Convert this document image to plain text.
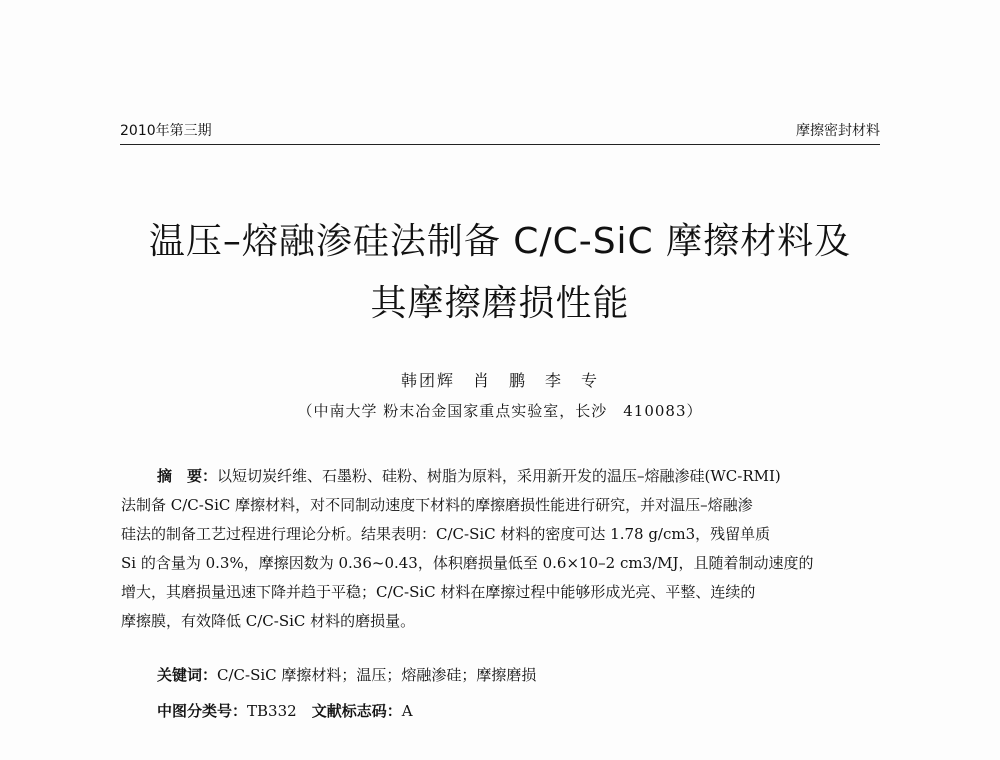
2010年第三期	摩擦密封材料
温压–熔融渗硅法制备 C/C-SiC 摩擦材料及
其摩擦磨损性能
韩团辉　肖　鹏　李　专
（中南大学 粉末冶金国家重点实验室，长沙　410083）
摘　要：以短切炭纤维、石墨粉、硅粉、树脂为原料，采用新开发的温压–熔融渗硅(WC-RMI)
法制备 C/C-SiC 摩擦材料，对不同制动速度下材料的摩擦磨损性能进行研究，并对温压–熔融渗
硅法的制备工艺过程进行理论分析。结果表明：C/C-SiC 材料的密度可达 1.78 g/cm3，残留单质
Si 的含量为 0.3%，摩擦因数为 0.36~0.43，体积磨损量低至 0.6×10–2 cm3/MJ，且随着制动速度的
增大，其磨损量迅速下降并趋于平稳；C/C-SiC 材料在摩擦过程中能够形成光亮、平整、连续的
摩擦膜，有效降低 C/C-SiC 材料的磨损量。
关键词：C/C-SiC 摩擦材料；温压；熔融渗硅；摩擦磨损
中图分类号：TB332　 文献标志码：A
